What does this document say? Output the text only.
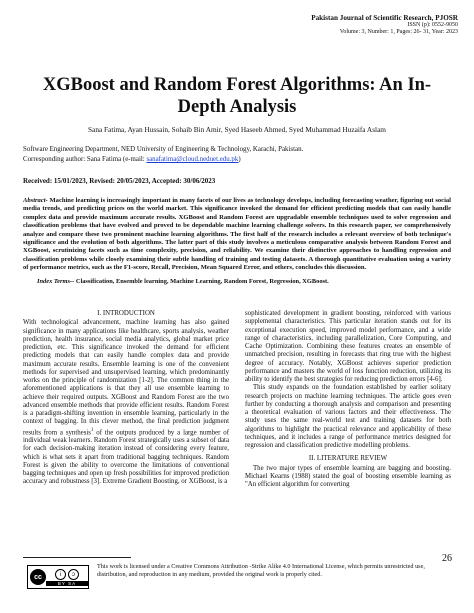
Pakistan Journal of Scientific Research, PJOSR
ISSN (p): 0552-9050
Volume: 3, Number: 1, Pages: 26- 31, Year: 2023
XGBoost and Random Forest Algorithms: An In-Depth Analysis
Sana Fatima, Ayan Hussain, Sohaib Bin Amir, Syed Haseeb Ahmed, Syed Muhammad Huzaifa Aslam
Software Engineering Department, NED University of Engineering & Technology, Karachi, Pakistan.
Corresponding author: Sana Fatima (e-mail: sanafatima@cloud.neduet.edu.pk)
Received: 15/01/2023, Revised: 20/05/2023, Accepted: 30/06/2023
Abstract- Machine learning is increasingly important in many facets of our lives as technology develops, including forecasting weather, figuring out social media trends, and predicting prices on the world market. This significance invoked the demand for efficient predicting models that can easily handle complex data and provide maximum accurate results. XGBoost and Random Forest are upgradable ensemble techniques used to solve regression and classification problems that have evolved and proved to be dependable machine learning challenge solvers. In this research paper, we comprehensively analyze and compare these two prominent machine learning algorithms. The first half of the research includes a relevant overview of both technique's significance and the evolution of both algorithms. The latter part of this study involves a meticulous comparative analysis between Random Forest and XGBoost, scrutinizing facets such as time complexity, precision, and reliability. We examine their distinctive approaches to handling regression and classification problems while closely examining their subtle handling of training and testing datasets. A thorough quantitative evaluation using a variety of performance metrics, such as the F1-score, Recall, Precision, Mean Squared Error, and others, concludes this discussion.
Index Terms-- Classification, Ensemble learning, Machine Learning, Random Forest, Regression, XGBoost.
I. INTRODUCTION

With technological advancement, machine learning has also gained significance in many applications like healthcare, sports analysis, weather prediction, health insurance, social media analytics, global market price prediction, etc. This significance invoked the demand for efficient predicting models that can easily handle complex data and provide maximum accurate results. Ensemble learning is one of the convenient methods for supervised and unsupervised learning, which predominantly works on the principle of randomization [1-2]. The common thing in the aforementioned applications is that they all use ensemble learning to achieve their required outputs. XGBoost and Random Forest are the two advanced ensemble methods that provide efficient results. Random Forest is a paradigm-shifting invention in ensemble learning, particularly in the context of bagging. In this clever method, the final prediction judgment results from a synthesis$^1$ of the outputs produced by a large number of individual weak learners. Random Forest strategically uses a subset of data for each decision-making iteration instead of considering every feature, which is what sets it apart from traditional bagging techniques. Random Forest is given the ability to overcome the limitations of conventional bagging techniques and open up fresh possibilities for improved prediction accuracy and robustness [3]. Extreme Gradient Boosting, or XGBoost, is a

sophisticated development in gradient boosting, reinforced with various supplemental characteristics. This particular iteration stands out for its exceptional execution speed, improved model performance, and a wide range of characteristics, including parallelization, Core Computing, and Cache Optimization. Combining these features creates an ensemble of unmatched precision, resulting in forecasts that ring true with the highest degree of accuracy. Notably, XGBoost achieves superior prediction performance and masters the world of loss function reduction, utilizing its ability to identify the best strategies for reducing prediction errors [4-6].

This study expands on the foundation established by earlier solitary research projects on machine learning techniques. The article goes even further by conducting a thorough analysis and comparison and presenting a theoretical evaluation of various factors and their effectiveness. The study uses the same real-world test and training datasets for both algorithms to highlight the practical relevance and applicability of these techniques, and it includes a range of performance metrics designed for regression and classification predictive modelling problems.

II. LITERATURE REVIEW

The two major types of ensemble learning are bagging and boosting. Michael Kearns (1988) stated the goal of boosting ensemble learning as "An efficient algorithm for converting

26
cc	i	ↄ
BY SA
This work is licensed under a Creative Commons Attribution -Strike Alike 4.0 International License, which permits unrestricted use, distribution, and reproduction in any medium, provided the original work is properly cited.
